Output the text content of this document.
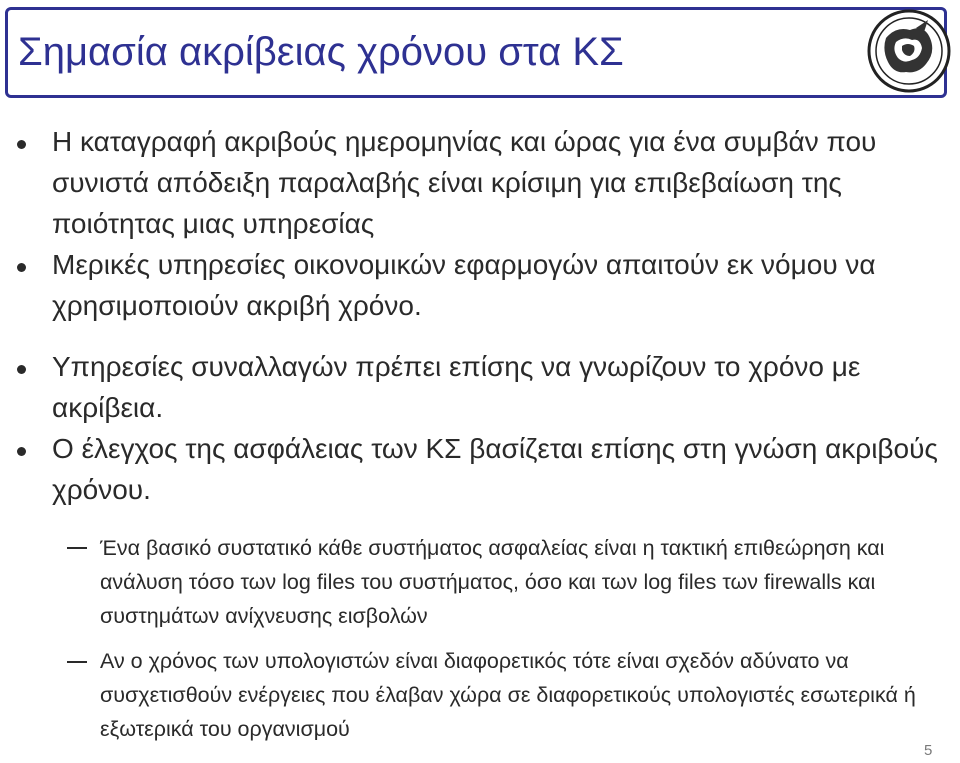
Σημασία ακρίβειας χρόνου στα ΚΣ
Η καταγραφή ακριβούς ημερομηνίας και ώρας για ένα συμβάν που συνιστά απόδειξη παραλαβής είναι κρίσιμη για επιβεβαίωση της ποιότητας μιας υπηρεσίας
Μερικές υπηρεσίες οικονομικών εφαρμογών απαιτούν εκ νόμου να χρησιμοποιούν ακριβή χρόνο.
Υπηρεσίες συναλλαγών πρέπει επίσης να γνωρίζουν το χρόνο με ακρίβεια.
Ο έλεγχος της ασφάλειας των ΚΣ βασίζεται επίσης στη γνώση ακριβούς χρόνου.
Ένα βασικό συστατικό κάθε συστήματος ασφαλείας είναι η τακτική επιθεώρηση και ανάλυση τόσο των log files του συστήματος, όσο και των log files των firewalls και συστημάτων ανίχνευσης εισβολών
Αν ο χρόνος των υπολογιστών είναι διαφορετικός τότε είναι σχεδόν αδύνατο να συσχετισθούν ενέργειες που έλαβαν χώρα σε διαφορετικούς υπολογιστές εσωτερικά ή εξωτερικά του οργανισμού
5
